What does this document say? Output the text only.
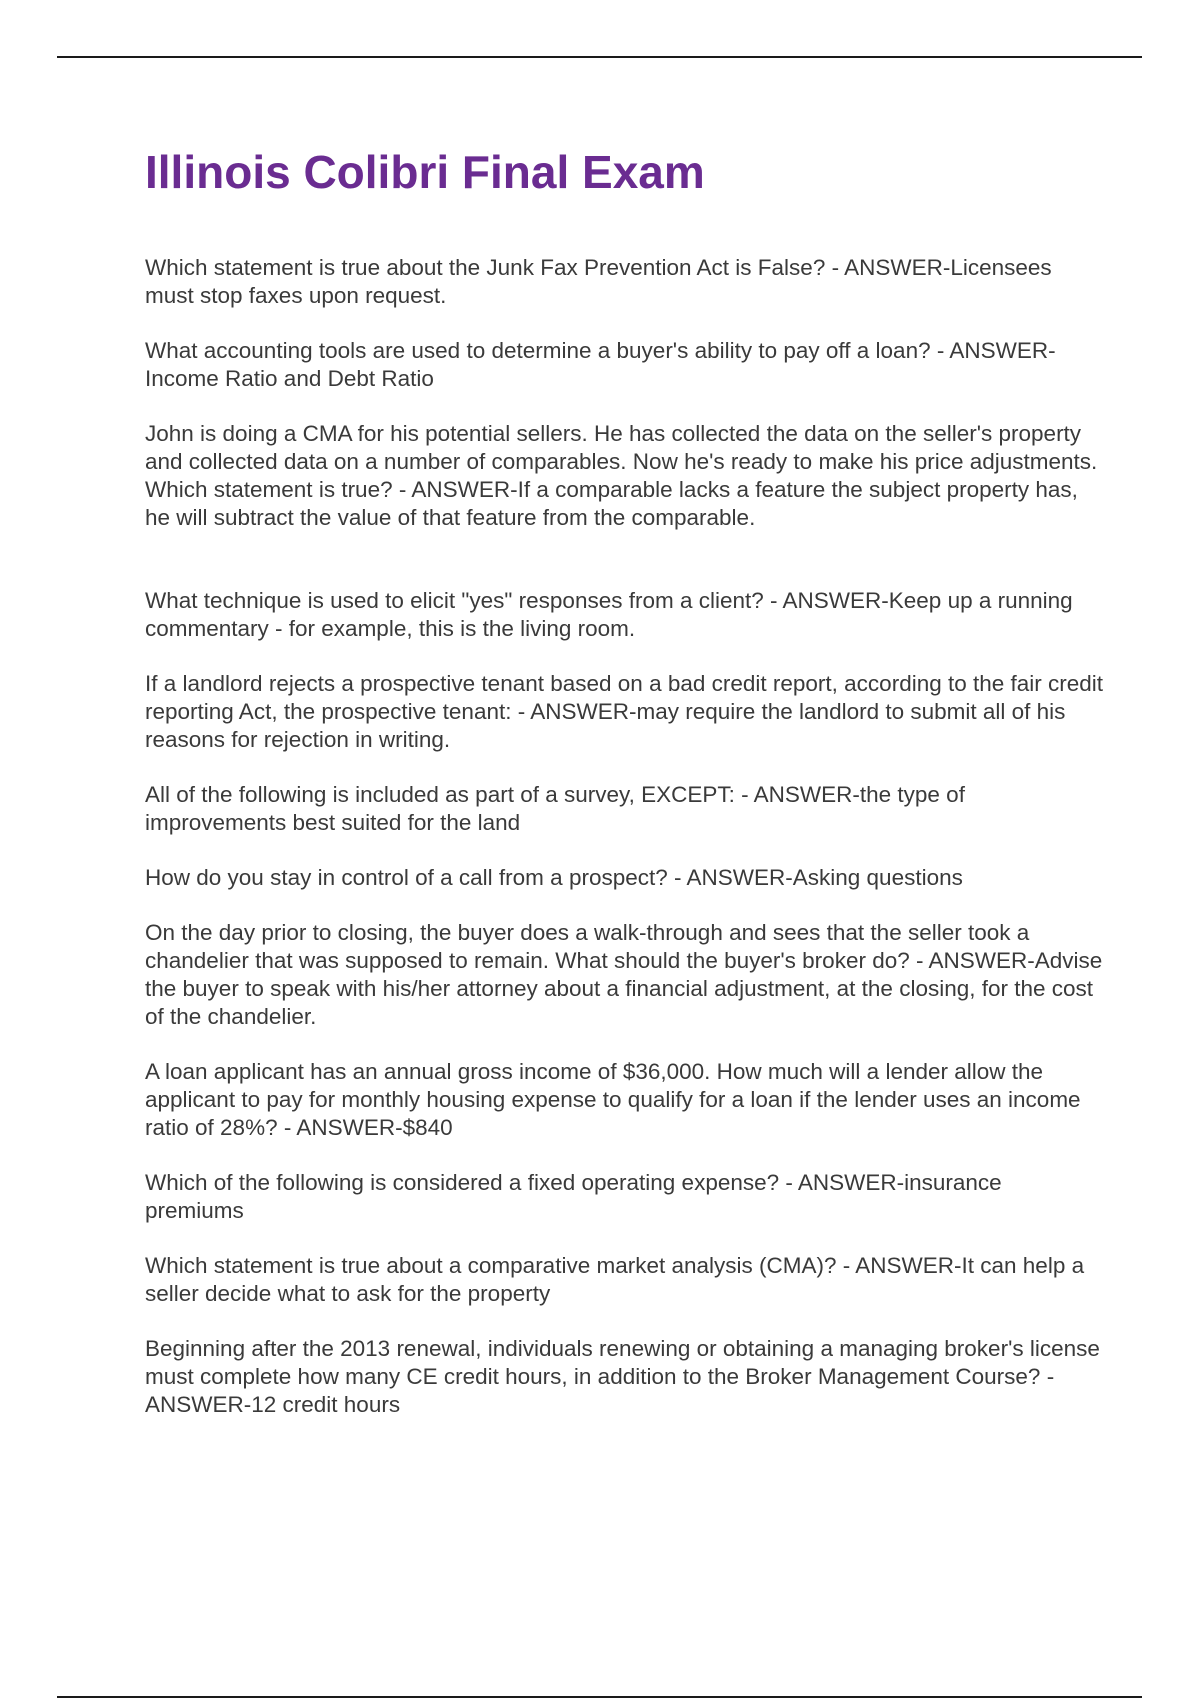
Illinois Colibri Final Exam

Which statement is true about the Junk Fax Prevention Act is False? - ANSWER-Licensees must stop faxes upon request.

What accounting tools are used to determine a buyer's ability to pay off a loan? - ANSWER-Income Ratio and Debt Ratio

John is doing a CMA for his potential sellers. He has collected the data on the seller's property and collected data on a number of comparables. Now he's ready to make his price adjustments. Which statement is true? - ANSWER-If a comparable lacks a feature the subject property has, he will subtract the value of that feature from the comparable.

What technique is used to elicit "yes" responses from a client? - ANSWER-Keep up a running commentary - for example, this is the living room.

If a landlord rejects a prospective tenant based on a bad credit report, according to the fair credit reporting Act, the prospective tenant: - ANSWER-may require the landlord to submit all of his reasons for rejection in writing.

All of the following is included as part of a survey, EXCEPT: - ANSWER-the type of improvements best suited for the land

How do you stay in control of a call from a prospect? - ANSWER-Asking questions

On the day prior to closing, the buyer does a walk-through and sees that the seller took a chandelier that was supposed to remain. What should the buyer's broker do? - ANSWER-Advise the buyer to speak with his/her attorney about a financial adjustment, at the closing, for the cost of the chandelier.

A loan applicant has an annual gross income of $36,000. How much will a lender allow the applicant to pay for monthly housing expense to qualify for a loan if the lender uses an income ratio of 28%? - ANSWER-$840

Which of the following is considered a fixed operating expense? - ANSWER-insurance premiums

Which statement is true about a comparative market analysis (CMA)? - ANSWER-It can help a seller decide what to ask for the property

Beginning after the 2013 renewal, individuals renewing or obtaining a managing broker's license must complete how many CE credit hours, in addition to the Broker Management Course? - ANSWER-12 credit hours
